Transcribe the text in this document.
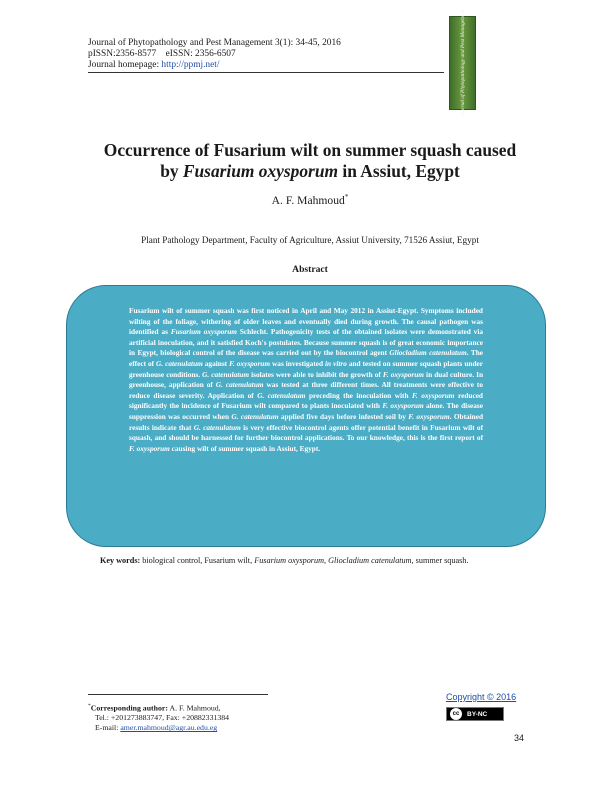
Journal of Phytopathology and Pest Management 3(1): 34-45, 2016
pISSN:2356-8577    eISSN: 2356-6507
Journal homepage: http://ppmj.net/	Journal of Phytopathology and Pest Management
Occurrence of Fusarium wilt on summer squash caused
by Fusarium oxysporum in Assiut, Egypt
A. F. Mahmoud*
Plant Pathology Department, Faculty of Agriculture, Assiut University, 71526 Assiut, Egypt
Abstract

Fusarium wilt of summer squash was first noticed in April and May 2012 in Assiut-Egypt. Symptoms included wilting of the foliage, withering of older leaves and eventually died during growth. The causal pathogen was identified as Fusarium oxysporum Schlecht. Pathogenicity tests of the obtained isolates were demonstrated via artificial inoculation, and it satisfied Koch's postulates. Because summer squash is of great economic importance in Egypt, biological control of the disease was carried out by the biocontrol agent Gliocladium catenulatum. The effect of G. catenulatum against F. oxysporum was investigated in vitro and tested on summer squash plants under greenhouse conditions. G. catenulatum isolates were able to inhibit the growth of F. oxysporum in dual culture. In greenhouse, application of G. catenulatum was tested at three different times. All treatments were effective to reduce disease severity. Application of G. catenulatum preceding the inoculation with F. oxysporum reduced significantly the incidence of Fusarium wilt compared to plants inoculated with F. oxysporum alone. The disease suppression was occurred when G. catenulatum applied five days before infested soil by F. oxysporum. Obtained results indicate that G. catenulatum is very effective biocontrol agents offer potential benefit in Fusarium wilt of squash, and should be harnessed for further biocontrol applications. To our knowledge, this is the first report of F. oxysporum causing wilt of summer squash in Assiut, Egypt.

Key words: biological control, Fusarium wilt, Fusarium oxysporum, Gliocladium catenulatum, summer squash.
*Corresponding author: A. F. Mahmoud,
Tel.: +201273883747, Fax: +20882331384
E-mail: amer.mahmoud@agr.au.edu.eg
Copyright © 2016
cc	BY-NC
34
